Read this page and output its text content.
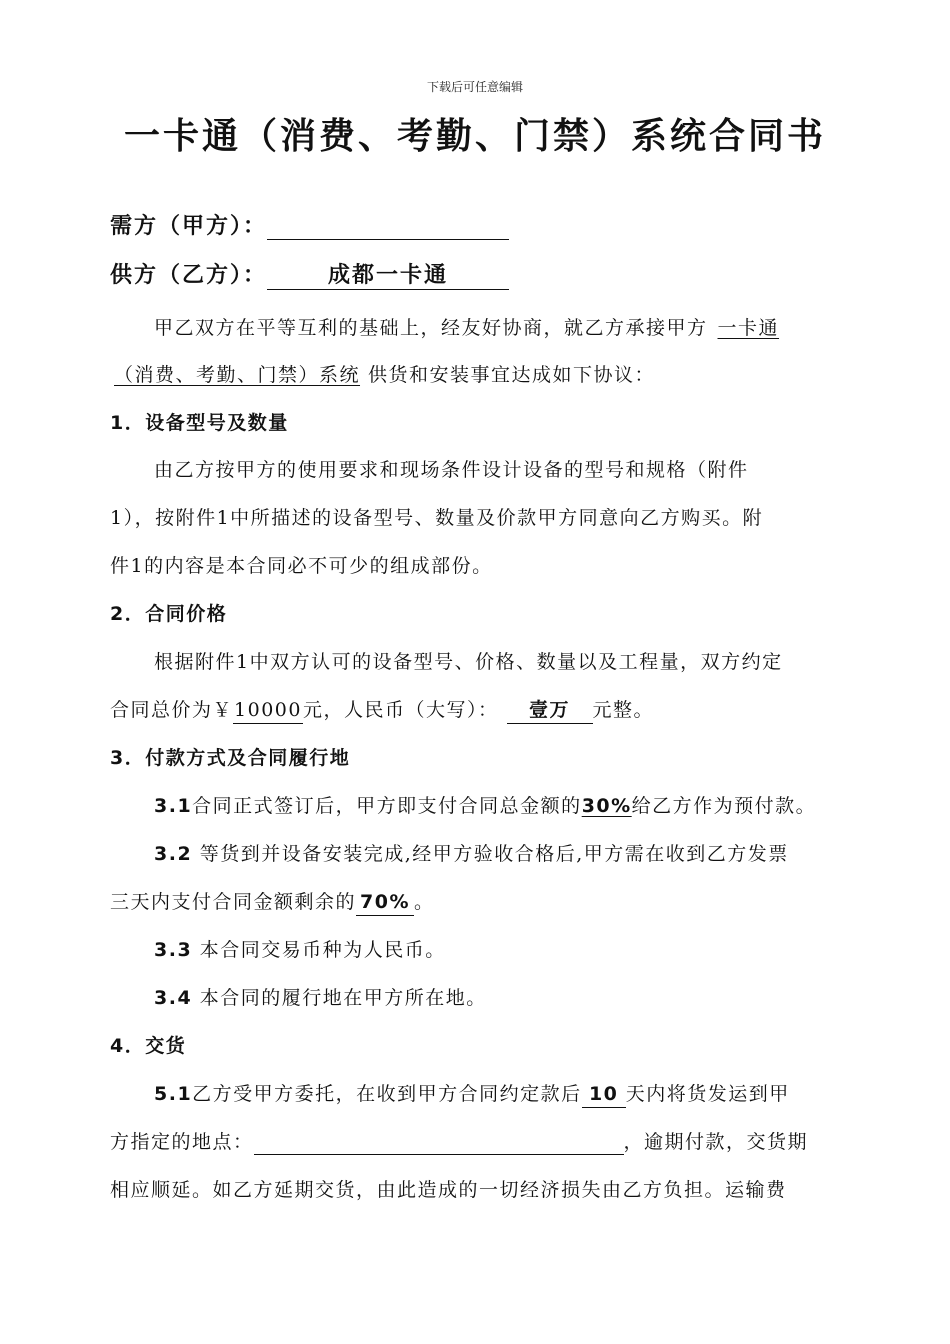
下载后可任意编辑
一卡通（消费、考勤、门禁）系统合同书
需方（甲方）：
供方（乙方）：	成都一卡通
甲乙双方在平等互利的基础上，经友好协商，就乙方承接甲方 一卡通
（消费、考勤、门禁）系统 供货和安装事宜达成如下协议：
1．设备型号及数量
由乙方按甲方的使用要求和现场条件设计设备的型号和规格（附件
1），按附件1中所描述的设备型号、数量及价款甲方同意向乙方购买。附
件1的内容是本合同必不可少的组成部份。
2．合同价格
根据附件1中双方认可的设备型号、价格、数量以及工程量，双方约定
合同总价为￥10000元，人民币（大写）： 壹万 元整。
3．付款方式及合同履行地
3.1合同正式签订后，甲方即支付合同总金额的30%给乙方作为预付款。
3.2 等货到并设备安装完成,经甲方验收合格后,甲方需在收到乙方发票
三天内支付合同金额剩余的 70% 。
3.3 本合同交易币种为人民币。
3.4 本合同的履行地在甲方所在地。
4．交货
5.1乙方受甲方委托，在收到甲方合同约定款后 10 天内将货发运到甲
方指定的地点：	，逾期付款，交货期
相应顺延。如乙方延期交货，由此造成的一切经济损失由乙方负担。运输费
